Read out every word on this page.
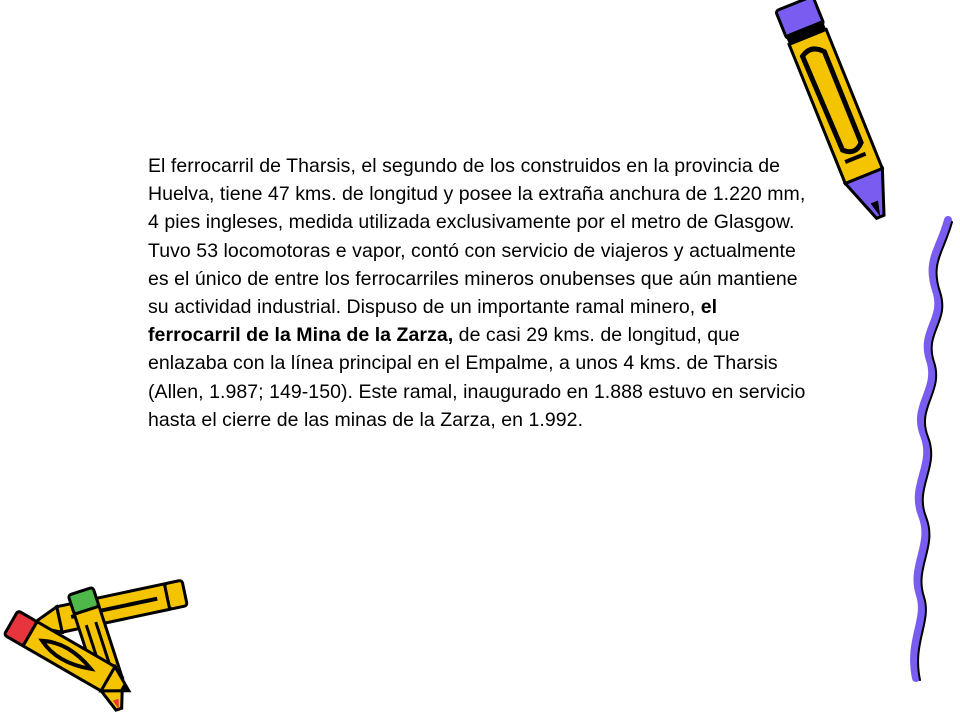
El ferrocarril de Tharsis, el segundo de los construidos en la provincia de Huelva, tiene 47 kms. de longitud y posee la extraña anchura de 1.220 mm, 4 pies ingleses, medida utilizada exclusivamente por el metro de Glasgow. Tuvo 53 locomotoras e vapor, contó con servicio de viajeros y actualmente es el único de entre los ferrocarriles mineros onubenses que aún mantiene su actividad industrial. Dispuso de un importante ramal minero, el ferrocarril de la Mina de la Zarza, de casi 29 kms. de longitud, que enlazaba con la línea principal en el Empalme, a unos 4 kms. de Tharsis (Allen, 1.987; 149-150). Este ramal, inaugurado en 1.888 estuvo en servicio hasta el cierre de las minas de la Zarza, en 1.992.
